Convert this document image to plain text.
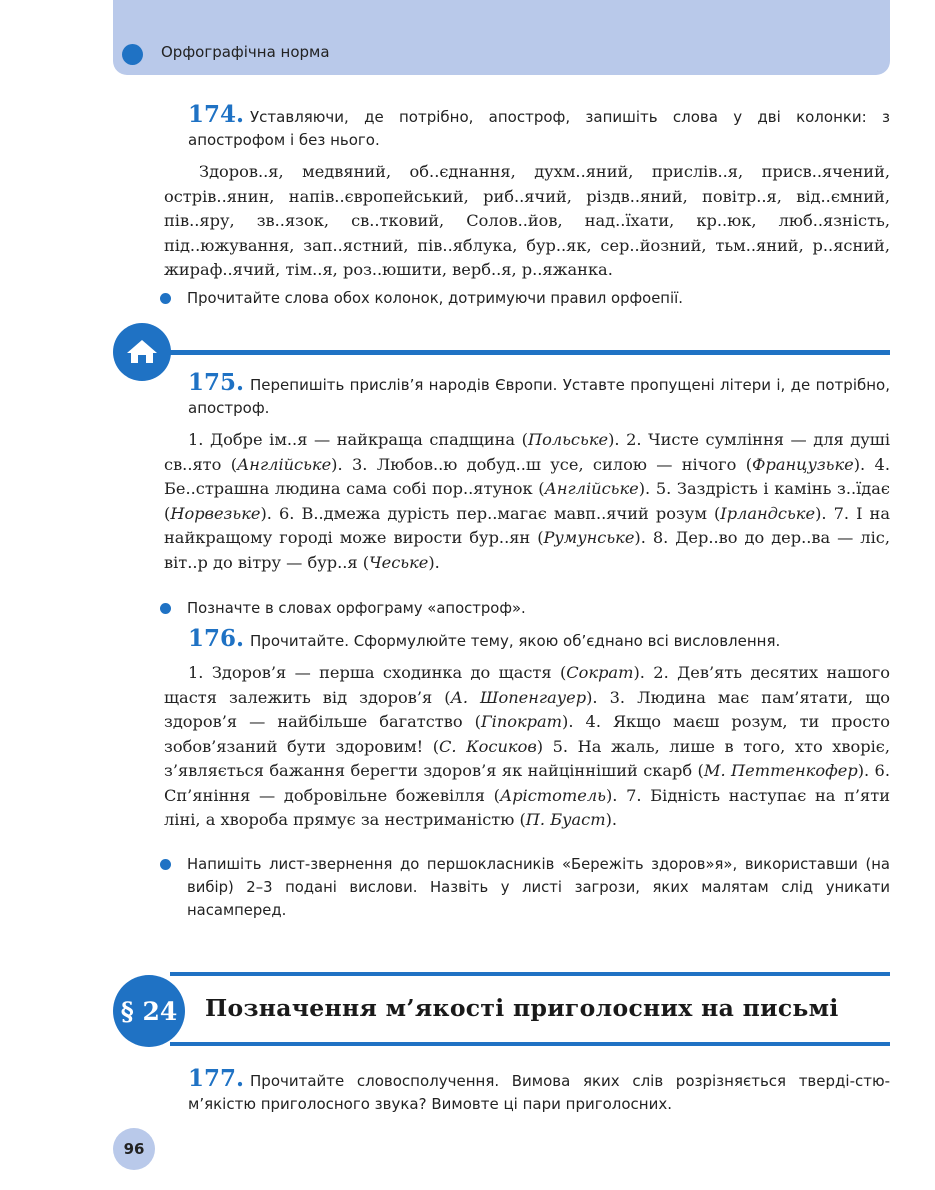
Орфографічна норма
174. Уставляючи, де потрібно, апостроф, запишіть слова у дві колонки: з апострофом і без нього.
Здоров..я, медвяний, об..єднання, духм..яний, прислів..я, присв..ячений, остpів..янин, напів..європейський, риб..ячий, різдв..яний, повітр..я, від..ємний, пів..яру, зв..язок, св..тковий, Солов..йов, над..їхати, кр..юк, люб..язність, під..южування, зап..ястний, пів..яблука, бур..як, сер..йозний, тьм..яний, р..ясний, жираф..ячий, тім..я, роз..юшити, верб..я, р..яжанка.
Прочитайте слова обох колонок, дотримуючи правил орфоепії.
175. Перепишіть прислів’я народів Європи. Уставте пропущені літери і, де потрібно, апостроф.
1. Добре ім..я — найкраща спадщина (Польське). 2. Чисте сумління — для душі св..ято (Англійське). 3. Любов..ю добуд..ш усе, силою — нічого (Французьке). 4. Бе..страшна людина сама собі пор..ятунок (Англійське). 5. Заздрість і камінь з..їдає (Норвезьке). 6. В..дмежа дурість пер..магає мавп..ячий розум (Ірландське). 7. І на найкращому городі може вирости бур..ян (Румунське). 8. Дер..во до дер..ва — ліс, віт..р до вітру — бур..я (Чеське).
Позначте в словах орфограму «апостроф».
176. Прочитайте. Сформулюйте тему, якою об’єднано всі висловлення.
1. Здоров’я — перша сходинка до щастя (Сократ). 2. Дев’ять десятих нашого щастя залежить від здоров’я (А. Шопенгауер). 3. Людина має пам’ятати, що здоров’я — найбільше багатство (Гіпократ). 4. Якщо маєш розум, ти просто зобов’язаний бути здоровим! (С. Косиков) 5. На жаль, лише в того, хто хворіє, з’являється бажання берегти здоров’я як найцінніший скарб (М. Петтенкофер). 6. Сп’яніння — добровільне божевілля (Арістотель). 7. Бідність наступає на п’яти ліні, а хвороба прямує за нестриманістю (П. Буаст).
Напишіть лист-звернення до першокласників «Бережіть здоров»я», використавши (на вибір) 2–3 подані вислови. Назвіть у листі загрози, яких малятам слід уникати насамперед.
§ 24	Позначення м’якості приголосних на письмі
177. Прочитайте словосполучення. Вимова яких слів розрізняється тверді-стю-м’якістю приголосного звука? Вимовте ці пари приголосних.
96
